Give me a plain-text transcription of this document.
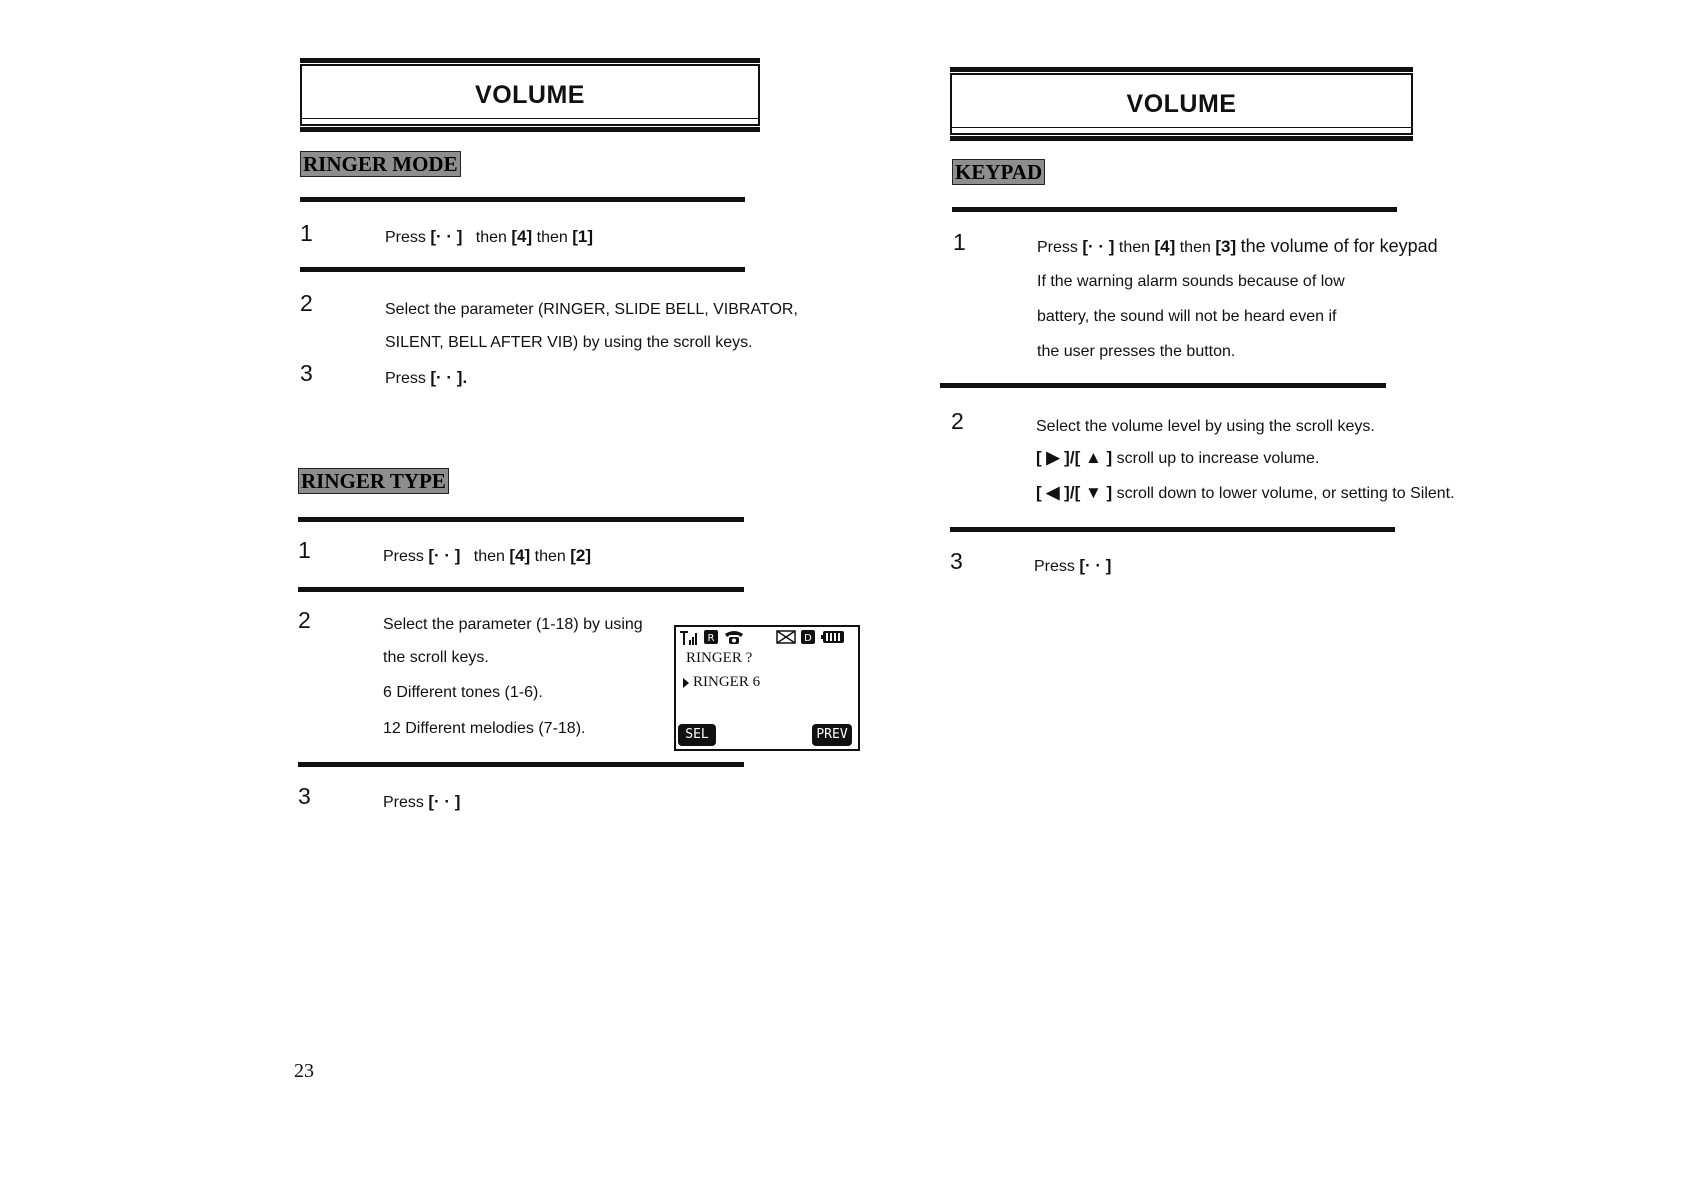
VOLUME
RINGER MODE
1	Press [· · ] then [4] then [1]
2	Select the parameter (RINGER, SLIDE BELL, VIBRATOR,
SILENT, BELL AFTER VIB) by using the scroll keys.
3	Press [· · ].
RINGER TYPE
1	Press [· · ] then [4] then [2]
2	Select the parameter (1-18) by using
the scroll keys.
6 Different tones (1-6).
12 Different melodies (7-18).
R	D
RINGER ?
RINGER 6
SEL	PREV
3	Press [· · ]
23
VOLUME
KEYPAD
1	Press [· · ] then [4] then [3] the volume of for keypad
If the warning alarm sounds because of low
battery, the sound will not be heard even if
the user presses the button.
2	Select the volume level by using the scroll keys.
[ ▶ ]/[ ▲ ] scroll up to increase volume.
[ ◀ ]/[ ▼ ] scroll down to lower volume, or setting to Silent.
3	Press [· · ]
